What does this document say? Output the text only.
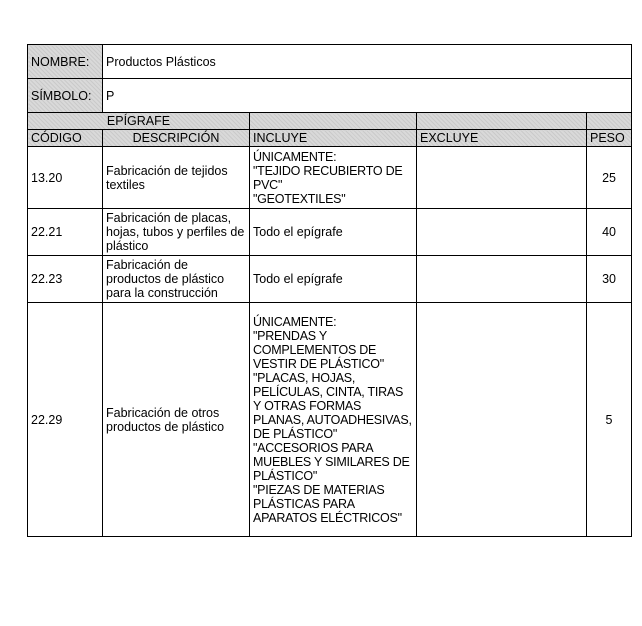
NOMBRE:	Productos Plásticos			
SÍMBOLO:	P			
EPÍGRAFE				
CÓDIGO	DESCRIPCIÓN	INCLUYE	EXCLUYE	PESO
13.20	Fabricación de tejidos textiles	ÚNICAMENTE:
"TEJIDO RECUBIERTO DE PVC"
"GEOTEXTILES"		25
22.21	Fabricación de placas, hojas, tubos y perfiles de plástico	Todo el epígrafe		40
22.23	Fabricación de productos de plástico para la construcción	Todo el epígrafe		30
22.29	Fabricación de otros productos de plástico	ÚNICAMENTE:
"PRENDAS Y COMPLEMENTOS DE VESTIR DE PLÁSTICO"
"PLACAS, HOJAS, PELÍCULAS, CINTA, TIRAS Y OTRAS FORMAS PLANAS, AUTOADHESIVAS, DE PLÁSTICO"
"ACCESORIOS PARA MUEBLES Y SIMILARES DE PLÁSTICO"
"PIEZAS DE MATERIAS PLÁSTICAS PARA APARATOS ELÉCTRICOS"		5
